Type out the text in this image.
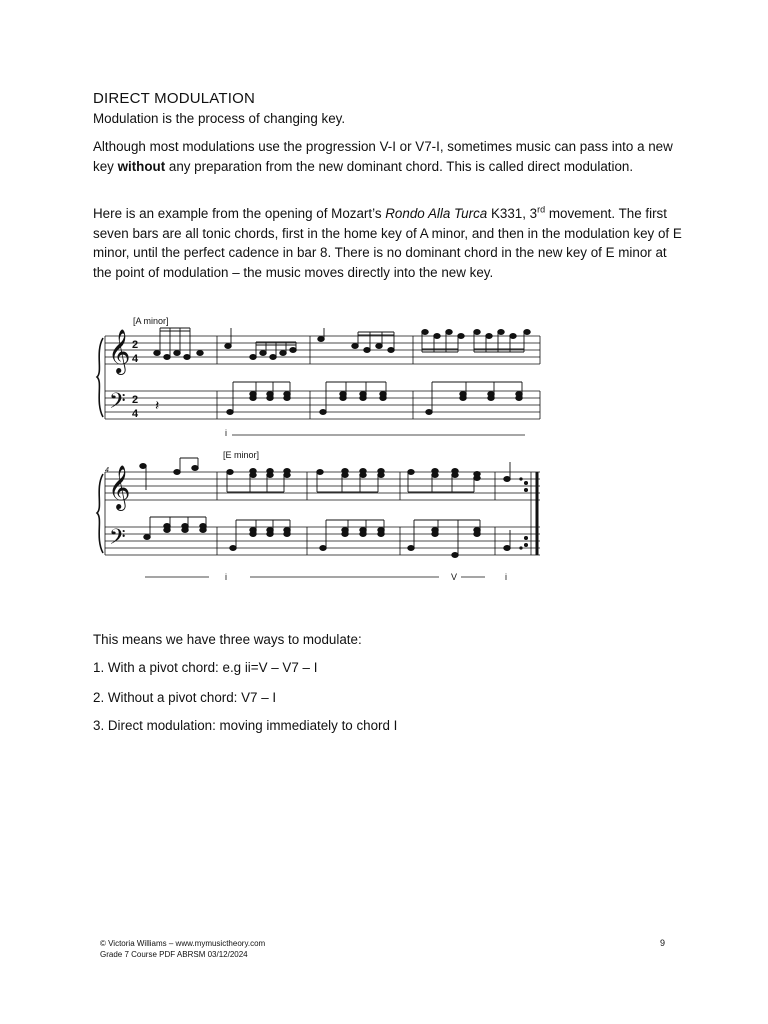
DIRECT MODULATION

Modulation is the process of changing key.

Although most modulations use the progression V-I or V7-I, sometimes music can pass into a new key without any preparation from the new dominant chord. This is called direct modulation.

Here is an example from the opening of Mozart’s Rondo Alla Turca K331, 3rd movement. The first seven bars are all tonic chords, first in the home key of A minor, and then in the modulation key of E minor, until the perfect cadence in bar 8. There is no dominant chord in the new key of E minor at the point of modulation – the music moves directly into the new key.

𝄞
𝄢
𝄞
𝄢
2
4
2
4
[A minor]
[E minor]
4
i
i	V	i
𝄽

This means we have three ways to modulate:

1. With a pivot chord: e.g ii=V – V7 – I

2. Without a pivot chord: V7 – I

3. Direct modulation: moving immediately to chord I

© Victoria Williams – www.mymusictheory.com
Grade 7 Course PDF ABRSM 03/12/2024
9
